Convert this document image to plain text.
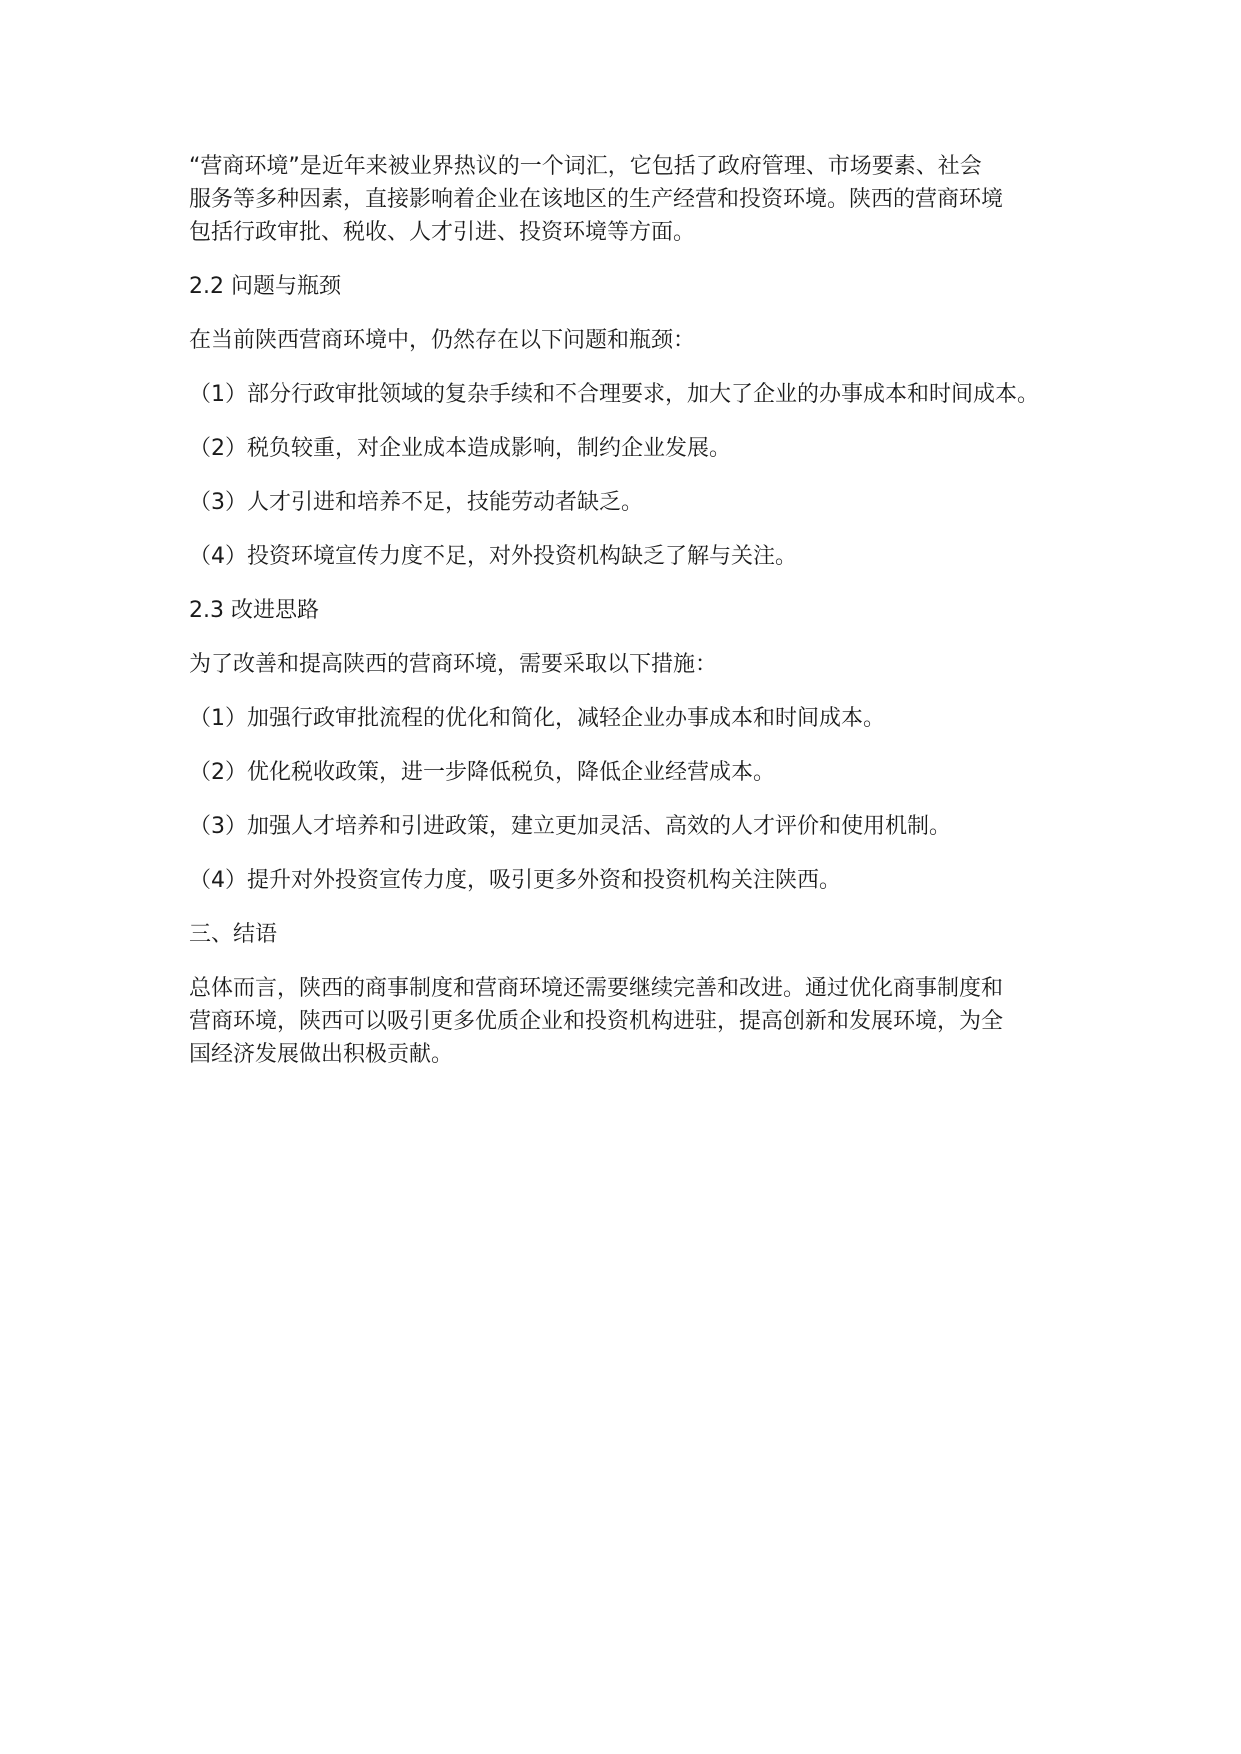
“营商环境”是近年来被业界热议的一个词汇，它包括了政府管理、市场要素、社会
服务等多种因素，直接影响着企业在该地区的生产经营和投资环境。陕西的营商环境
包括行政审批、税收、人才引进、投资环境等方面。
2.2 问题与瓶颈
在当前陕西营商环境中，仍然存在以下问题和瓶颈：
（1）部分行政审批领域的复杂手续和不合理要求，加大了企业的办事成本和时间成本。
（2）税负较重，对企业成本造成影响，制约企业发展。
（3）人才引进和培养不足，技能劳动者缺乏。
（4）投资环境宣传力度不足，对外投资机构缺乏了解与关注。
2.3 改进思路
为了改善和提高陕西的营商环境，需要采取以下措施：
（1）加强行政审批流程的优化和简化，减轻企业办事成本和时间成本。
（2）优化税收政策，进一步降低税负，降低企业经营成本。
（3）加强人才培养和引进政策，建立更加灵活、高效的人才评价和使用机制。
（4）提升对外投资宣传力度，吸引更多外资和投资机构关注陕西。
三、结语
总体而言，陕西的商事制度和营商环境还需要继续完善和改进。通过优化商事制度和
营商环境，陕西可以吸引更多优质企业和投资机构进驻，提高创新和发展环境，为全
国经济发展做出积极贡献。
